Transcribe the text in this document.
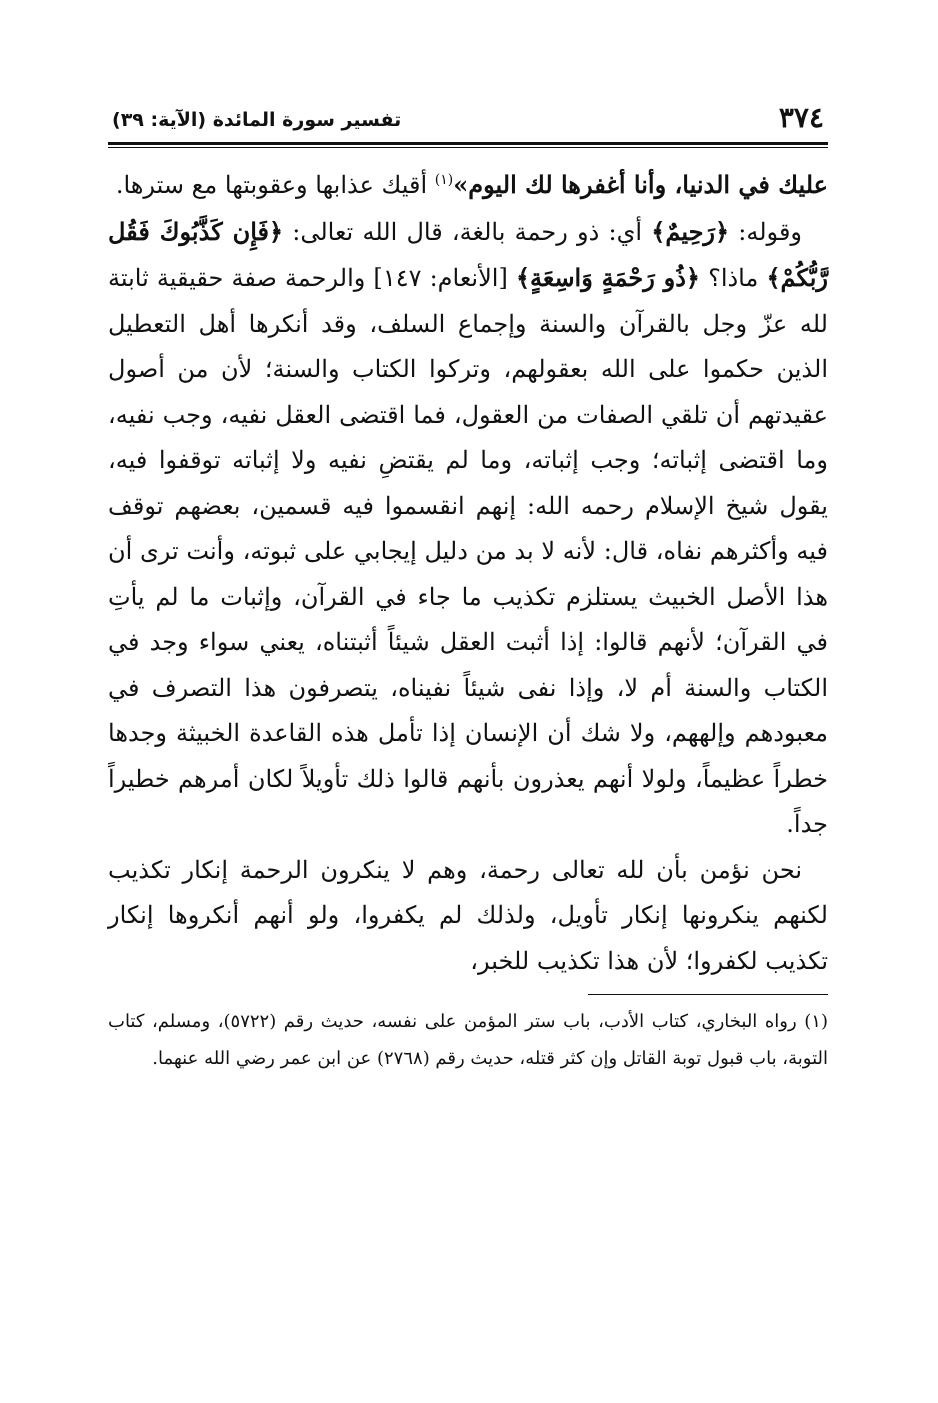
٣٧٤
تفسير سورة المائدة (الآية: ٣٩)

عليك في الدنيا، وأنا أغفرها لك اليوم»$^{(١)}$ أقيك عذابها وعقوبتها مع سترها.

وقوله: ﴿رَحِيمٌ﴾ أي: ذو رحمة بالغة، قال الله تعالى: ﴿فَإِن كَذَّبُوكَ فَقُل رَّبُّكُمْ﴾ ماذا؟ ﴿ذُو رَحْمَةٍ وَاسِعَةٍ﴾ [الأنعام: ١٤٧] والرحمة صفة حقيقية ثابتة لله عزّ وجل بالقرآن والسنة وإجماع السلف، وقد أنكرها أهل التعطيل الذين حكموا على الله بعقولهم، وتركوا الكتاب والسنة؛ لأن من أصول عقيدتهم أن تلقي الصفات من العقول، فما اقتضى العقل نفيه، وجب نفيه، وما اقتضى إثباته؛ وجب إثباته، وما لم يقتضِ نفيه ولا إثباته توقفوا فيه، يقول شيخ الإسلام رحمه الله: إنهم انقسموا فيه قسمين، بعضهم توقف فيه وأكثرهم نفاه، قال: لأنه لا بد من دليل إيجابي على ثبوته، وأنت ترى أن هذا الأصل الخبيث يستلزم تكذيب ما جاء في القرآن، وإثبات ما لم يأتِ في القرآن؛ لأنهم قالوا: إذا أثبت العقل شيئاً أثبتناه، يعني سواء وجد في الكتاب والسنة أم لا، وإذا نفى شيئاً نفيناه، يتصرفون هذا التصرف في معبودهم وإلههم، ولا شك أن الإنسان إذا تأمل هذه القاعدة الخبيثة وجدها خطراً عظيماً، ولولا أنهم يعذرون بأنهم قالوا ذلك تأويلاً لكان أمرهم خطيراً جداً.

نحن نؤمن بأن لله تعالى رحمة، وهم لا ينكرون الرحمة إنكار تكذيب لكنهم ينكرونها إنكار تأويل، ولذلك لم يكفروا، ولو أنهم أنكروها إنكار تكذيب لكفروا؛ لأن هذا تكذيب للخبر،

(١) رواه البخاري، كتاب الأدب، باب ستر المؤمن على نفسه، حديث رقم (٥٧٢٢)، ومسلم، كتاب التوبة، باب قبول توبة القاتل وإن كثر قتله، حديث رقم (٢٧٦٨) عن ابن عمر رضي الله عنهما.
